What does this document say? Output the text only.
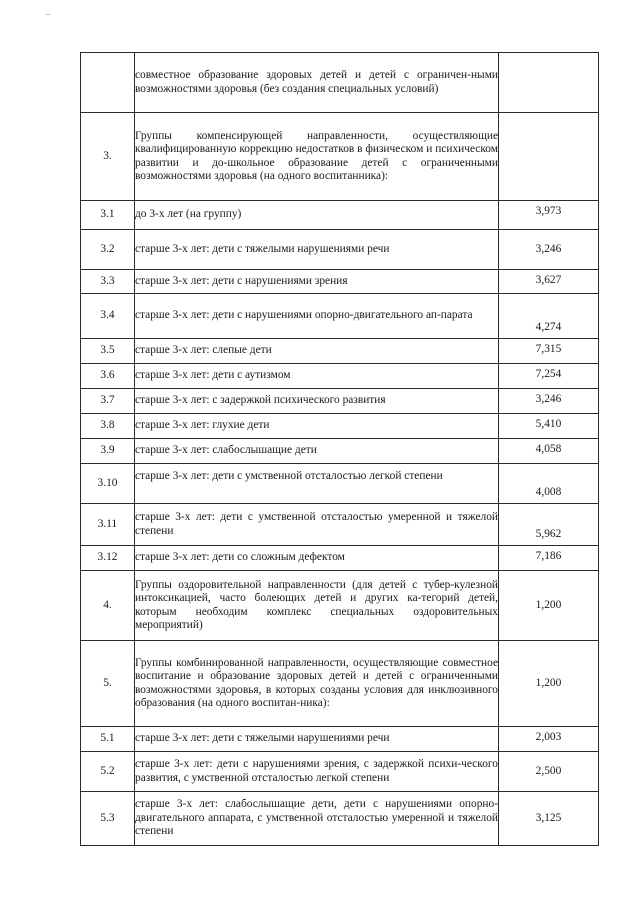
	совместное образование здоровых детей и детей с ограничен-ными возможностями здоровья (без создания специальных условий)	
3.	Группы компенсирующей направленности, осуществляющие квалифицированную коррекцию недостатков в физическом и психическом развитии и до-школьное образование детей с ограниченными возможностями здоровья (на одного воспитанника):	
3.1	до 3-х лет (на группу)	3,973
3.2	старше 3-х лет: дети с тяжелыми нарушениями речи	3,246
3.3	старше 3-х лет: дети с нарушениями зрения	3,627
3.4	старше 3-х лет: дети с нарушениями опорно-двигательного ап-парата	4,274
3.5	старше 3-х лет: слепые дети	7,315
3.6	старше 3-х лет: дети с аутизмом	7,254
3.7	старше 3-х лет: с задержкой психического развития	3,246
3.8	старше 3-х лет: глухие дети	5,410
3.9	старше 3-х лет: слабослышащие дети	4,058
3.10	старше 3-х лет: дети с умственной отсталостью легкой степени	4,008
3.11	старше 3-х лет: дети с умственной отсталостью умеренной и тяжелой степени	5,962
3.12	старше 3-х лет: дети со сложным дефектом	7,186
4.	Группы оздоровительной направленности (для детей с тубер-кулезной интоксикацией, часто болеющих детей и других ка-тегорий детей, которым необходим комплекс специальных оздоровительных мероприятий)	1,200
5.	Группы комбинированной направленности, осуществляющие совместное воспитание и образование здоровых детей и детей с ограниченными возможностями здоровья, в которых созданы условия для инклюзивного образования (на одного воспитан-ника):	1,200
5.1	старше 3-х лет: дети с тяжелыми нарушениями речи	2,003
5.2	старше 3-х лет: дети с нарушениями зрения, с задержкой психи-ческого развития, с умственной отсталостью легкой степени	2,500
5.3	старше 3-х лет: слабослышащие дети, дети с нарушениями опорно-двигательного аппарата, с умственной отсталостью умеренной и тяжелой степени	3,125
